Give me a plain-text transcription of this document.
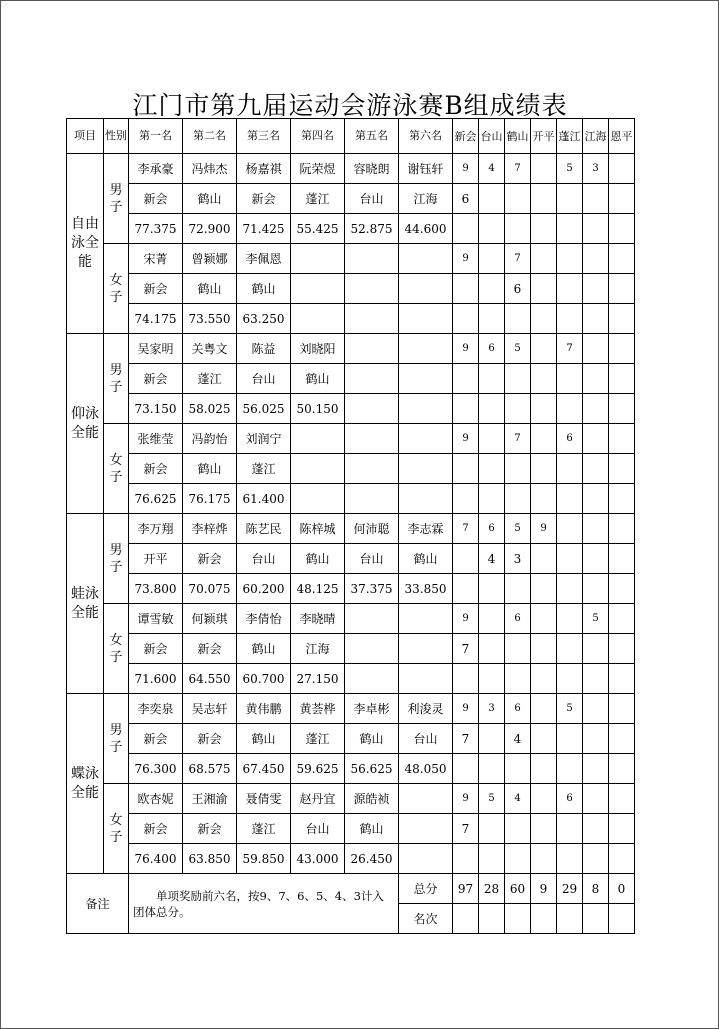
江门市第九届运动会游泳赛B组成绩表
项目	性别	第一名	第二名	第三名	第四名	第五名	第六名	新会	台山	鹤山	开平	蓬江	江海	恩平
自由泳全能	男子	李承豪	冯炜杰	杨嘉祺	阮荣煜	容晓朗	谢钰轩	9	4	7		5	3	
		新会	鹤山	新会	蓬江	台山	江海	6						
		77.375	72.900	71.425	55.425	52.875	44.600							
	女子	宋菁	曾颖娜	李佩恩				9		7				
		新会	鹤山	鹤山						6				
		74.175	73.550	63.250										
仰泳全能	男子	吴家明	关粤文	陈益	刘晓阳			9	6	5		7		
		新会	蓬江	台山	鹤山									
		73.150	58.025	56.025	50.150									
	女子	张维莹	冯韵怡	刘润宁				9		7		6		
		新会	鹤山	蓬江										
		76.625	76.175	61.400										
蛙泳全能	男子	李万翔	李梓烨	陈艺民	陈梓城	何沛聪	李志霖	7	6	5	9			
		开平	新会	台山	鹤山	台山	鹤山		4	3				
		73.800	70.075	60.200	48.125	37.375	33.850							
	女子	谭雪敏	何颖琪	李倩怡	李晓晴			9		6			5	
		新会	新会	鹤山	江海			7						
		71.600	64.550	60.700	27.150									
蝶泳全能	男子	李奕泉	吴志轩	黄伟鹏	黄荟桦	李卓彬	利浚灵	9	3	6		5		
		新会	新会	鹤山	蓬江	鹤山	台山	7		4				
		76.300	68.575	67.450	59.625	56.625	48.050							
	女子	欧杏妮	王湘渝	聂倩雯	赵丹宜	源皓祯		9	5	4		6		
		新会	新会	蓬江	台山	鹤山		7						
		76.400	63.850	59.850	43.000	26.450								
备注		单项奖励前六名，按9、7、6、5、4、3计入团体总分。					总分	97	28	60	9	29	8	0
							名次							
